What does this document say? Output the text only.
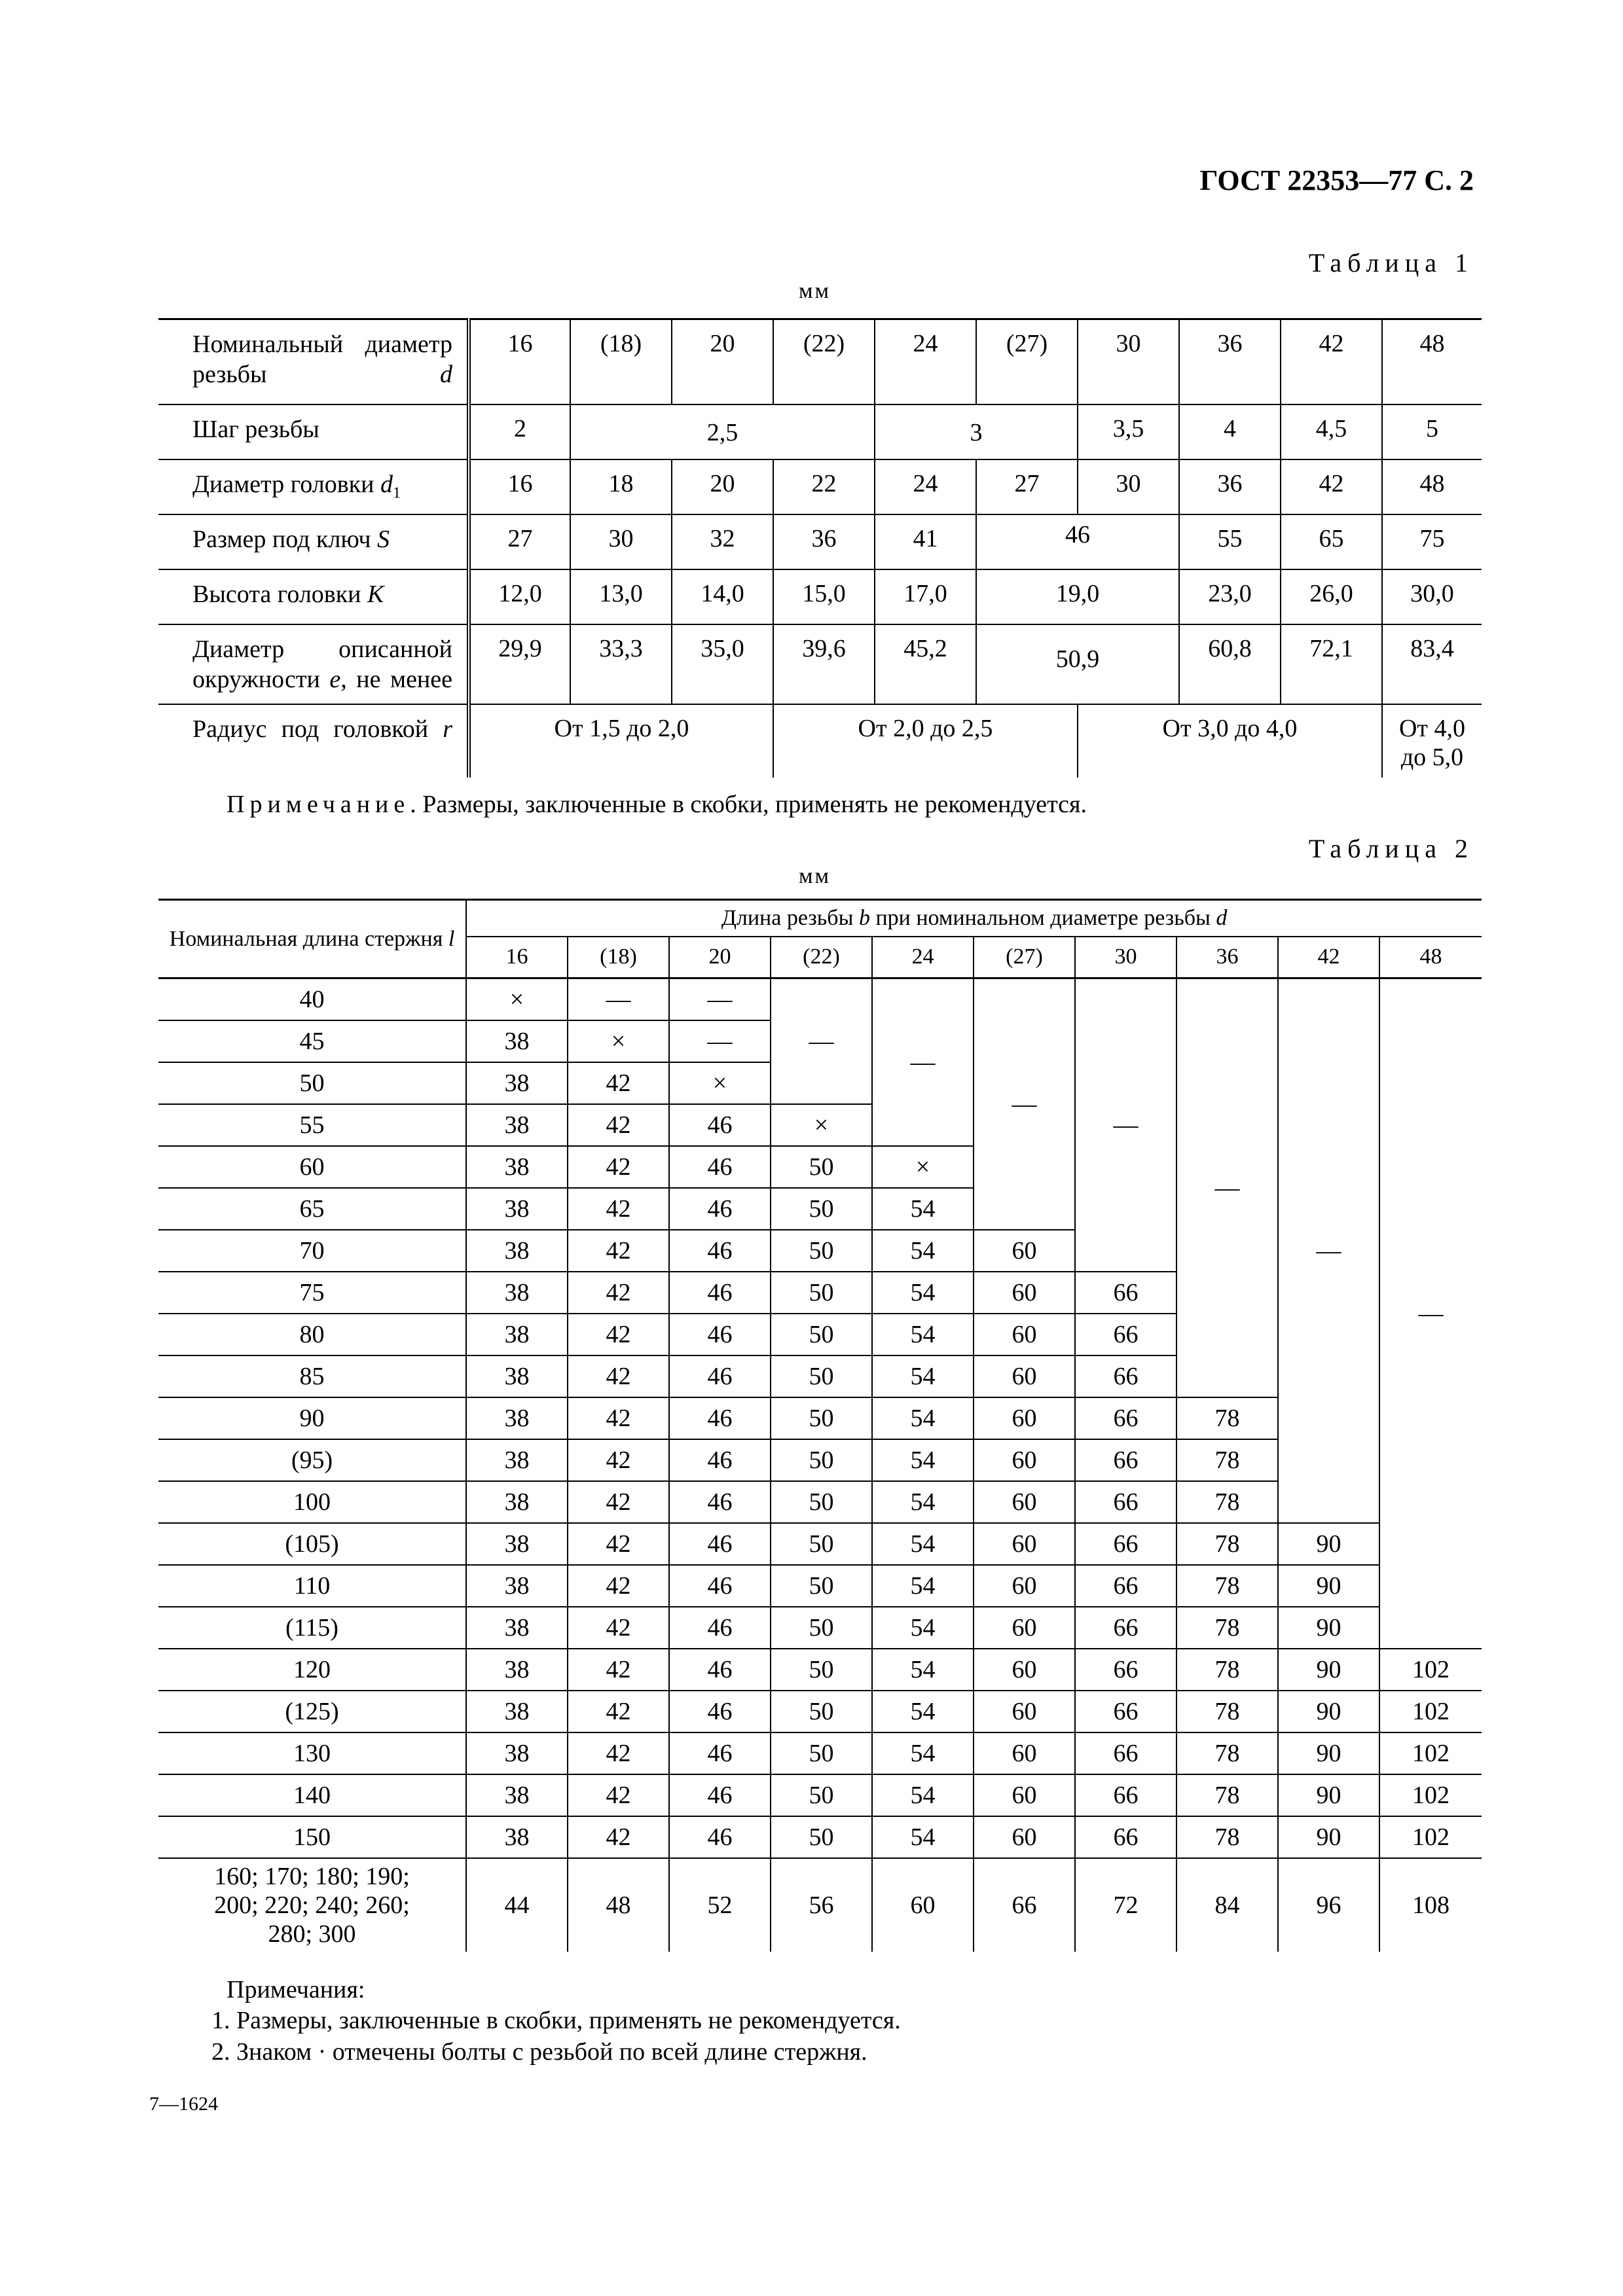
ГОСТ 22353—77 С. 2
Таблица 1
мм
Номинальный диаметр резьбы d	16	(18)	20	(22)	24	(27)	30	36	42	48
Шаг резьбы	2	2,5			3		3,5	4	4,5	5
Диаметр головки $d_1$	16	18	20	22	24	27	30	36	42	48
Размер под ключ S	27	30	32	36	41	46		55	65	75
Высота головки K	12,0	13,0	14,0	15,0	17,0	19,0		23,0	26,0	30,0
Диаметр описанной окружности e, не менее	29,9	33,3	35,0	39,6	45,2	50,9		60,8	72,1	83,4
Радиус под головкой r	От 1,5 до 2,0			От 2,0 до 2,5			От 3,0 до 4,0			От 4,0 до 5,0
Примечание. Размеры, заключенные в скобки, применять не рекомендуется.
Таблица 2
мм
Номинальная длина стержня l	Длина резьбы b при номинальном диаметре резьбы d									
	16	(18)	20	(22)	24	(27)	30	36	42	48
40	×	—	—	—	—	—	—	—	—	—
45	38	×	—							
50	38	42	×							
55	38	42	46	×						
60	38	42	46	50	×					
65	38	42	46	50	54					
70	38	42	46	50	54	60				
75	38	42	46	50	54	60	66			
80	38	42	46	50	54	60	66			
85	38	42	46	50	54	60	66			
90	38	42	46	50	54	60	66	78		
(95)	38	42	46	50	54	60	66	78		
100	38	42	46	50	54	60	66	78		
(105)	38	42	46	50	54	60	66	78	90	
110	38	42	46	50	54	60	66	78	90	
(115)	38	42	46	50	54	60	66	78	90	
120	38	42	46	50	54	60	66	78	90	102
(125)	38	42	46	50	54	60	66	78	90	102
130	38	42	46	50	54	60	66	78	90	102
140	38	42	46	50	54	60	66	78	90	102
150	38	42	46	50	54	60	66	78	90	102
160; 170; 180; 190; 200; 220; 240; 260; 280; 300	44	48	52	56	60	66	72	84	96	108
Примечания:
1. Размеры, заключенные в скобки, применять не рекомендуется.
2. Знаком · отмечены болты с резьбой по всей длине стержня.
7—1624
